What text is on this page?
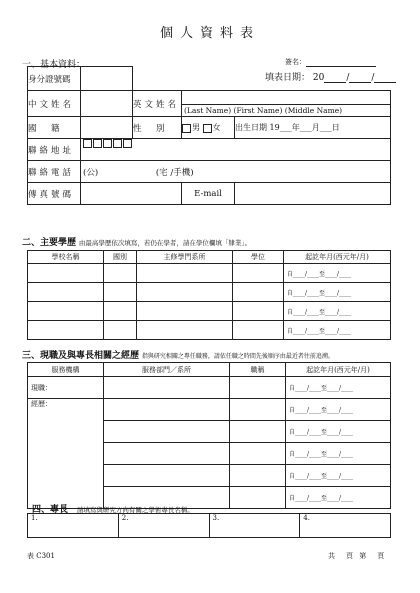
個人資料表
一、基本資料：	簽名：
填表日期： 20 / /
身分證號碼				
中文姓名		英文姓名	(Last Name) (First Name) (Middle Name)	

國　籍		性　別	男 女	出生日期 19___年___月___日
聯絡地址				
聯絡電話	(公) (宅 /手機)			
傳真號碼			E-mail	
二、主要學歷 由最高學歷依次填寫，若仍在學者，請在學位欄填「肄業」。
學校名稱	國別	主修學門系所	學位	起訖年月(西元年/月)
				自____/____至____/____
				自____/____至____/____
				自____/____至____/____
				自____/____至____/____
三、現職及與專長相關之經歷 指與研究相關之專任職務，請依任職之時間先後順序由最近者往前追溯。
服務機構	服務部門／系所	職稱	起訖年月(西元年/月)
現職：			自____/____至____/____
經歷：			自____/____至____/____
			自____/____至____/____
			自____/____至____/____
			自____/____至____/____
			自____/____至____/____
四、專長 請填寫與研究方向有關之學術專長名稱。
1.	2.	3.	4.
表 C301	共　頁 第　頁
